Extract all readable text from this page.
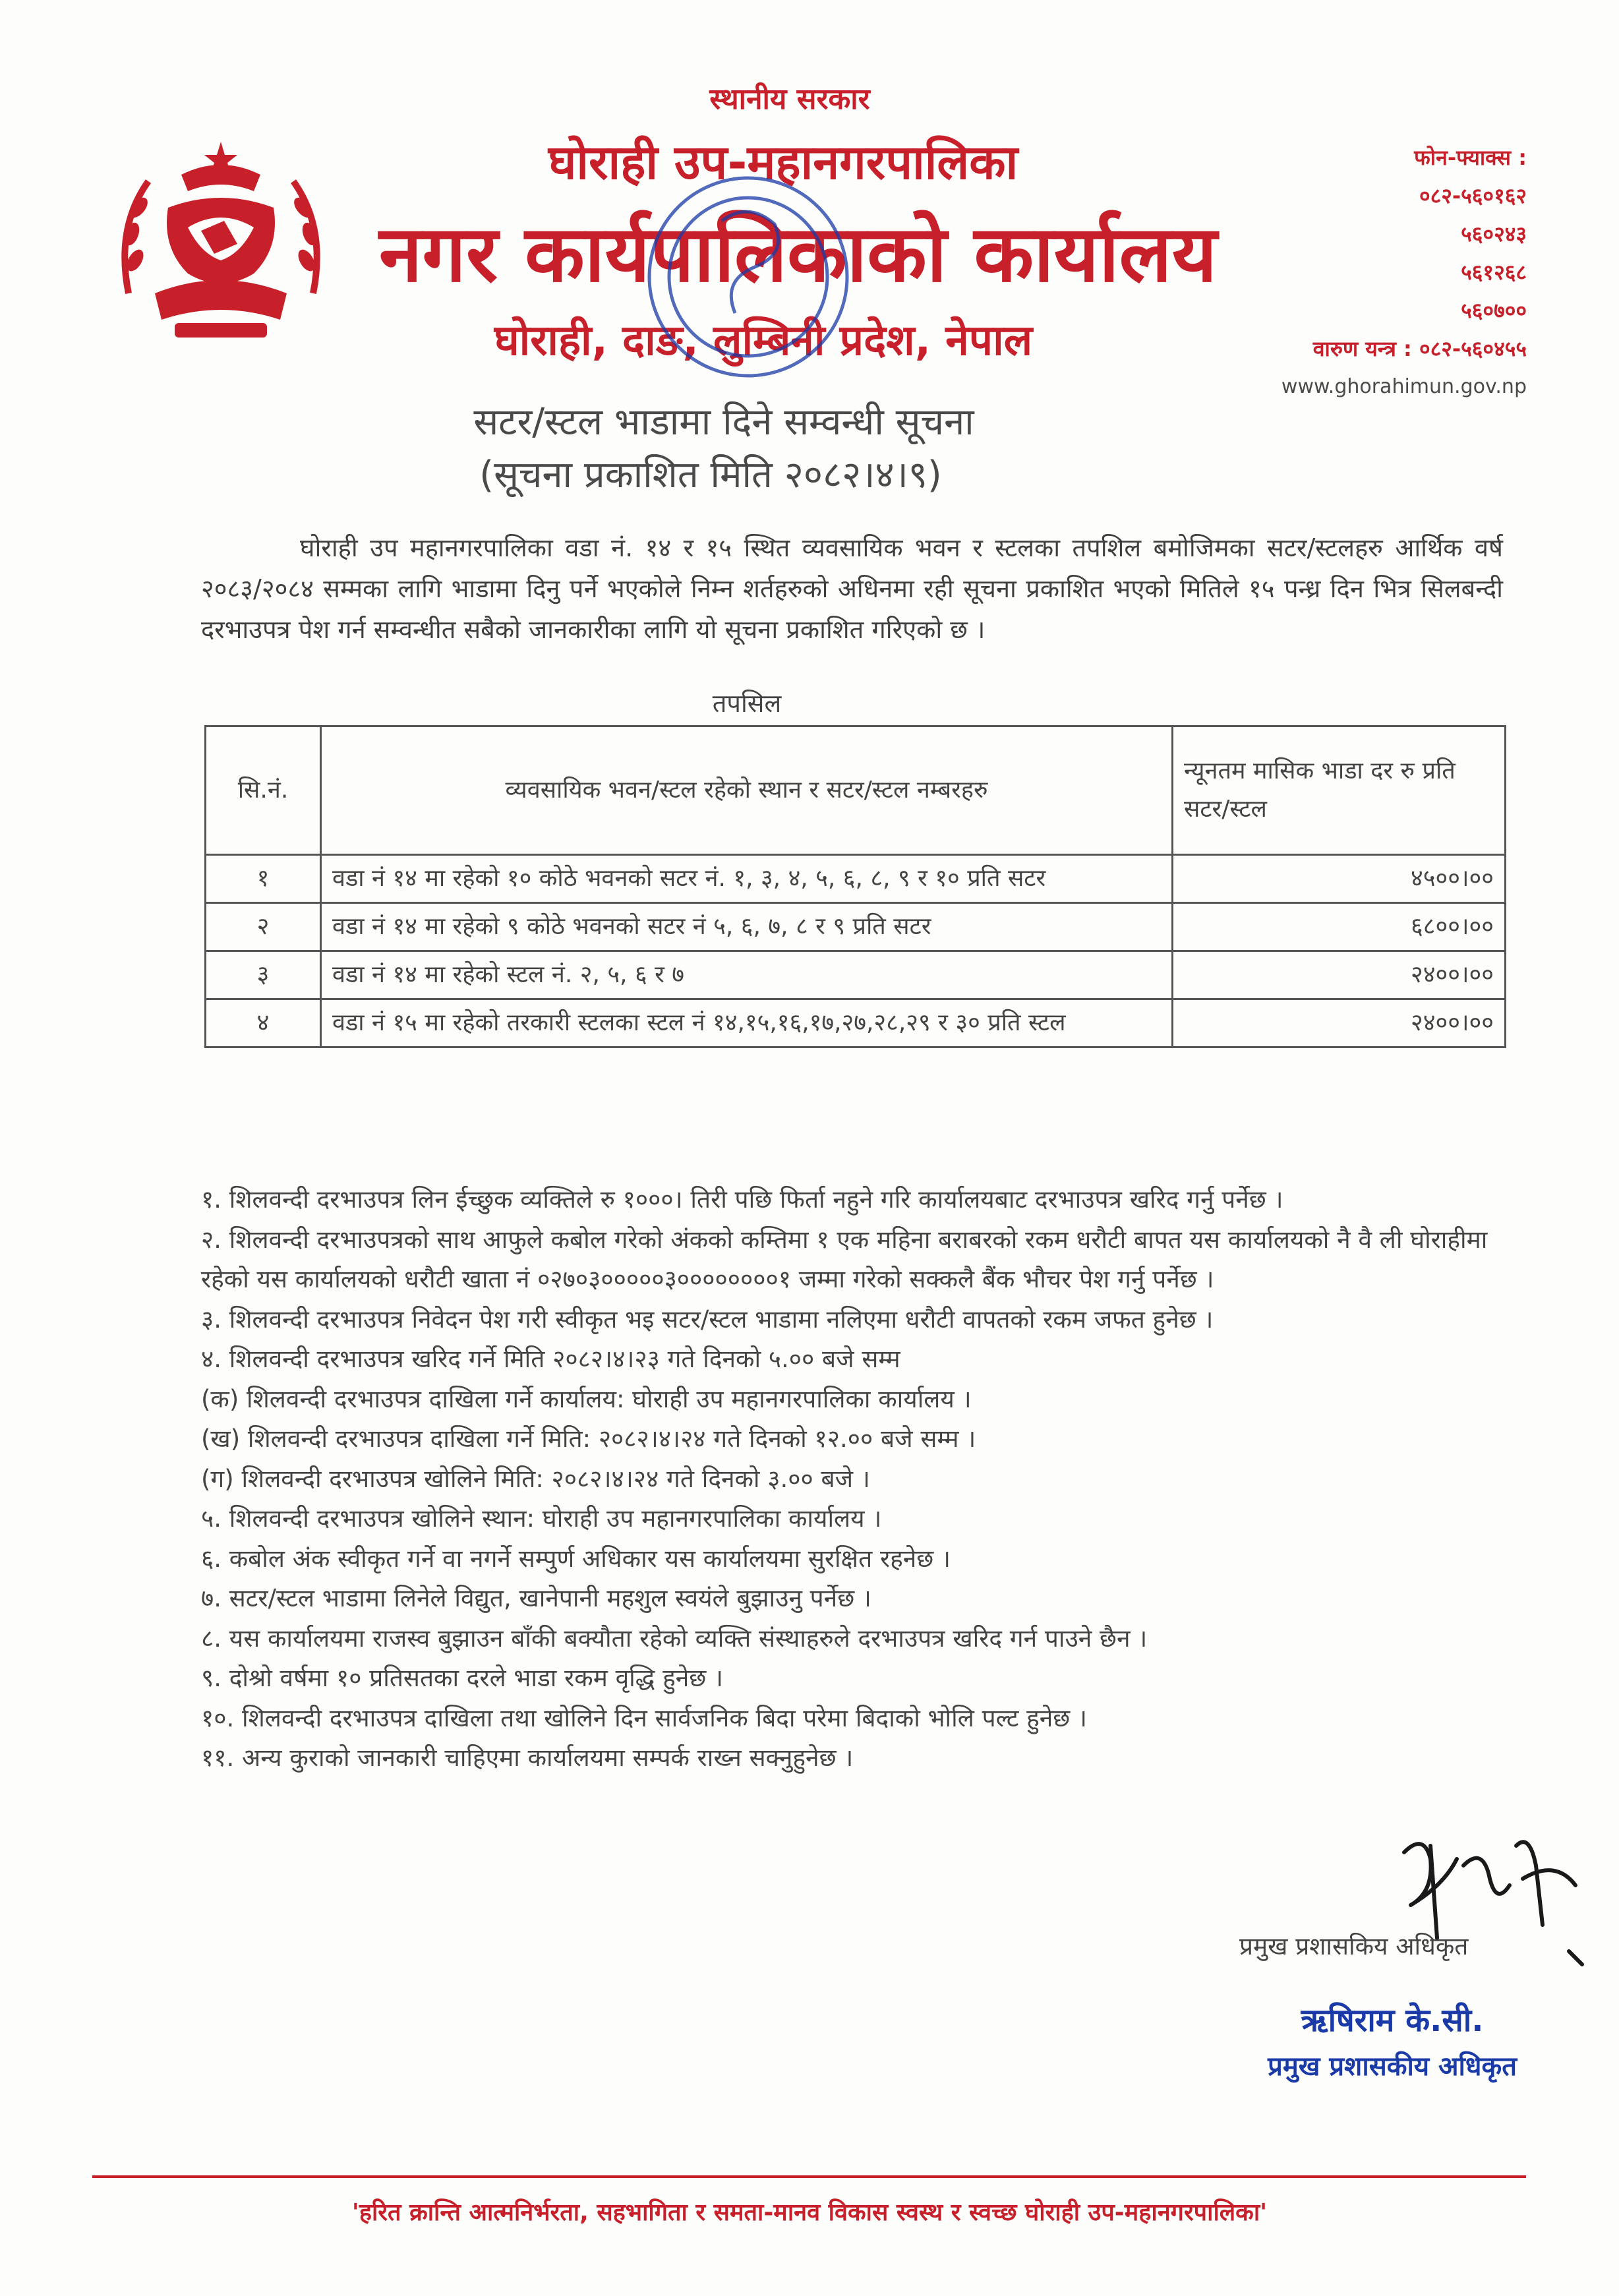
स्थानीय सरकार
घोराही उप-महानगरपालिका
नगर कार्यपालिकाको कार्यालय
घोराही, दाङ, लुम्बिनी प्रदेश, नेपाल
फोन-फ्याक्स :
०८२-५६०१६२
५६०२४३
५६१२६८
५६०७००
वारुण यन्त्र : ०८२-५६०४५५
www.ghorahimun.gov.np
सटर/स्टल भाडामा दिने सम्वन्धी सूचना
(सूचना प्रकाशित मिति २०८२।४।९)
घोराही उप महानगरपालिका वडा नं. १४ र १५ स्थित व्यवसायिक भवन र स्टलका तपशिल बमोजिमका सटर/स्टलहरु आर्थिक वर्ष २०८३/२०८४ सम्मका लागि भाडामा दिनु पर्ने भएकोले निम्न शर्तहरुको अधिनमा रही सूचना प्रकाशित भएको मितिले १५ पन्ध्र दिन भित्र सिलबन्दी दरभाउपत्र पेश गर्न सम्वन्धीत सबैको जानकारीका लागि यो सूचना प्रकाशित गरिएको छ ।
तपसिल
सि.नं.	व्यवसायिक भवन/स्टल रहेको स्थान र सटर/स्टल नम्बरहरु	न्यूनतम मासिक भाडा दर रु प्रति सटर/स्टल
१	वडा नं १४ मा रहेको १० कोठे भवनको सटर नं. १, ३, ४, ५, ६, ८, ९ र १० प्रति सटर	४५००।००
२	वडा नं १४ मा रहेको ९ कोठे भवनको सटर नं ५, ६, ७, ८ र ९ प्रति सटर	६८००।००
३	वडा नं १४ मा रहेको स्टल नं. २, ५, ६ र ७	२४००।००
४	वडा नं १५ मा रहेको तरकारी स्टलका स्टल नं १४,१५,१६,१७,२७,२८,२९ र ३० प्रति स्टल	२४००।००

१. शिलवन्दी दरभाउपत्र लिन ईच्छुक व्यक्तिले रु १०००। तिरी पछि फिर्ता नहुने गरि कार्यालयबाट दरभाउपत्र खरिद गर्नु पर्नेछ ।

२. शिलवन्दी दरभाउपत्रको साथ आफुले कबोल गरेको अंकको कम्तिमा १ एक महिना बराबरको रकम धरौटी बापत यस कार्यालयको नेै वै ली घोराहीमा रहेको यस कार्यालयको धरौटी खाता नं ०२७०३०००००३००००००००१ जम्मा गरेको सक्कलै बैंक भौचर पेश गर्नु पर्नेछ ।

३. शिलवन्दी दरभाउपत्र निवेदन पेश गरी स्वीकृत भइ सटर/स्टल भाडामा नलिएमा धरौटी वापतको रकम जफत हुनेछ ।

४. शिलवन्दी दरभाउपत्र खरिद गर्ने मिति २०८२।४।२३ गते दिनको ५.०० बजे सम्म

(क) शिलवन्दी दरभाउपत्र दाखिला गर्ने कार्यालय: घोराही उप महानगरपालिका कार्यालय ।

(ख) शिलवन्दी दरभाउपत्र दाखिला गर्ने मिति: २०८२।४।२४ गते दिनको १२.०० बजे सम्म ।

(ग) शिलवन्दी दरभाउपत्र खोलिने मिति: २०८२।४।२४ गते दिनको ३.०० बजे ।

५. शिलवन्दी दरभाउपत्र खोलिने स्थान: घोराही उप महानगरपालिका कार्यालय ।

६. कबोल अंक स्वीकृत गर्ने वा नगर्ने सम्पुर्ण अधिकार यस कार्यालयमा सुरक्षित रहनेछ ।

७. सटर/स्टल भाडामा लिनेले विद्युत, खानेपानी महशुल स्वयंले बुझाउनु पर्नेछ ।

८. यस कार्यालयमा राजस्व बुझाउन बाँकी बक्यौता रहेको व्यक्ति संस्थाहरुले दरभाउपत्र खरिद गर्न पाउने छैन ।

९. दोश्रो वर्षमा १० प्रतिसतका दरले भाडा रकम वृद्धि हुनेछ ।

१०. शिलवन्दी दरभाउपत्र दाखिला तथा खोलिने दिन सार्वजनिक बिदा परेमा बिदाको भोलि पल्ट हुनेछ ।

११. अन्य कुराको जानकारी चाहिएमा कार्यालयमा सम्पर्क राख्न सक्नुहुनेछ ।

प्रमुख प्रशासकिय अधिकृत
ऋषिराम के.सी.
प्रमुख प्रशासकीय अधिकृत
'हरित क्रान्ति आत्मनिर्भरता, सहभागिता र समता-मानव विकास स्वस्थ र स्वच्छ घोराही उप-महानगरपालिका'
